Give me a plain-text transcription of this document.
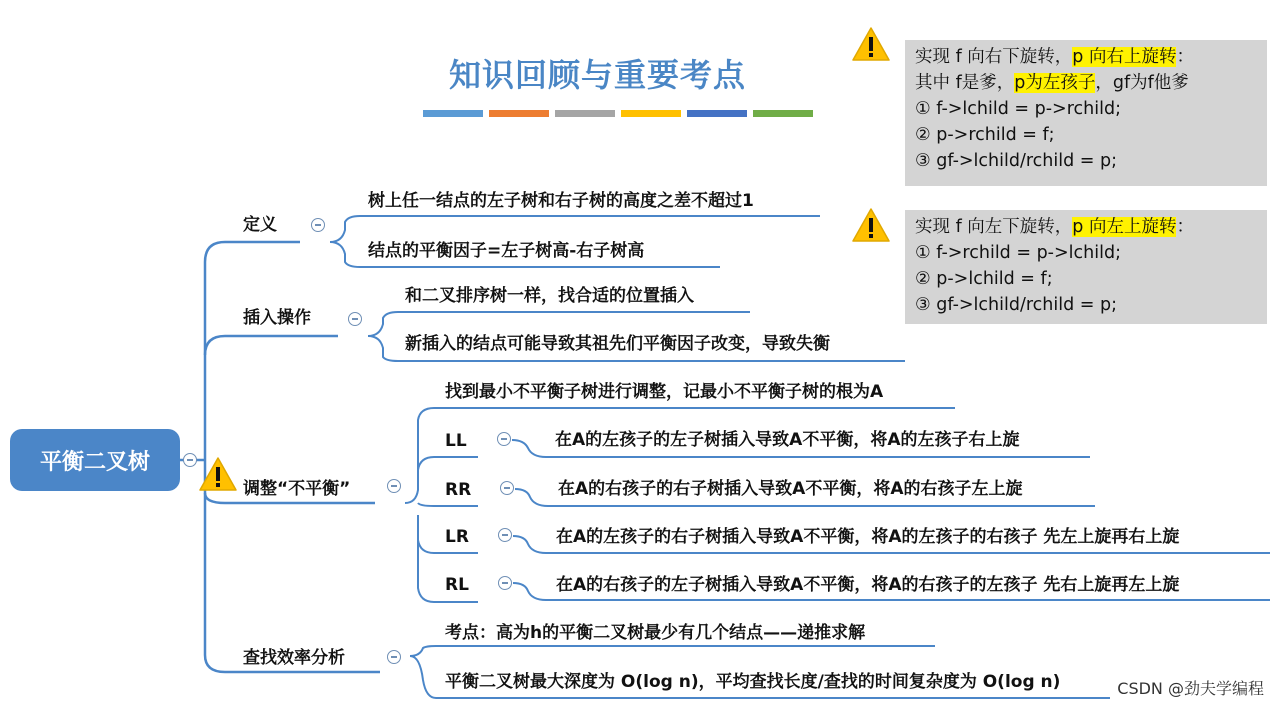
知识回顾与重要考点
平衡二叉树
定义
树上任一结点的左子树和右子树的高度之差不超过1
结点的平衡因子=左子树高-右子树高
插入操作
和二叉排序树一样，找合适的位置插入
新插入的结点可能导致其祖先们平衡因子改变，导致失衡
调整“不平衡”
找到最小不平衡子树进行调整，记最小不平衡子树的根为A
LL	在A的左孩子的左子树插入导致A不平衡，将A的左孩子右上旋
RR	在A的右孩子的右子树插入导致A不平衡，将A的右孩子左上旋
LR	在A的左孩子的右子树插入导致A不平衡，将A的左孩子的右孩子 先左上旋再右上旋
RL	在A的右孩子的左子树插入导致A不平衡，将A的右孩子的左孩子 先右上旋再左上旋
查找效率分析
考点：高为h的平衡二叉树最少有几个结点——递推求解
平衡二叉树最大深度为 O(log n)，平均查找长度/查找的时间复杂度为 O(log n)
实现 f 向右下旋转，p 向右上旋转：
其中 f是爹，p为左孩子，gf为f他爹
① f->lchild = p->rchild;
② p->rchild = f;
③ gf->lchild/rchild = p;
实现 f 向左下旋转，p 向左上旋转：
① f->rchild = p->lchild;
② p->lchild = f;
③ gf->lchild/rchild = p;
CSDN @劲夫学编程
